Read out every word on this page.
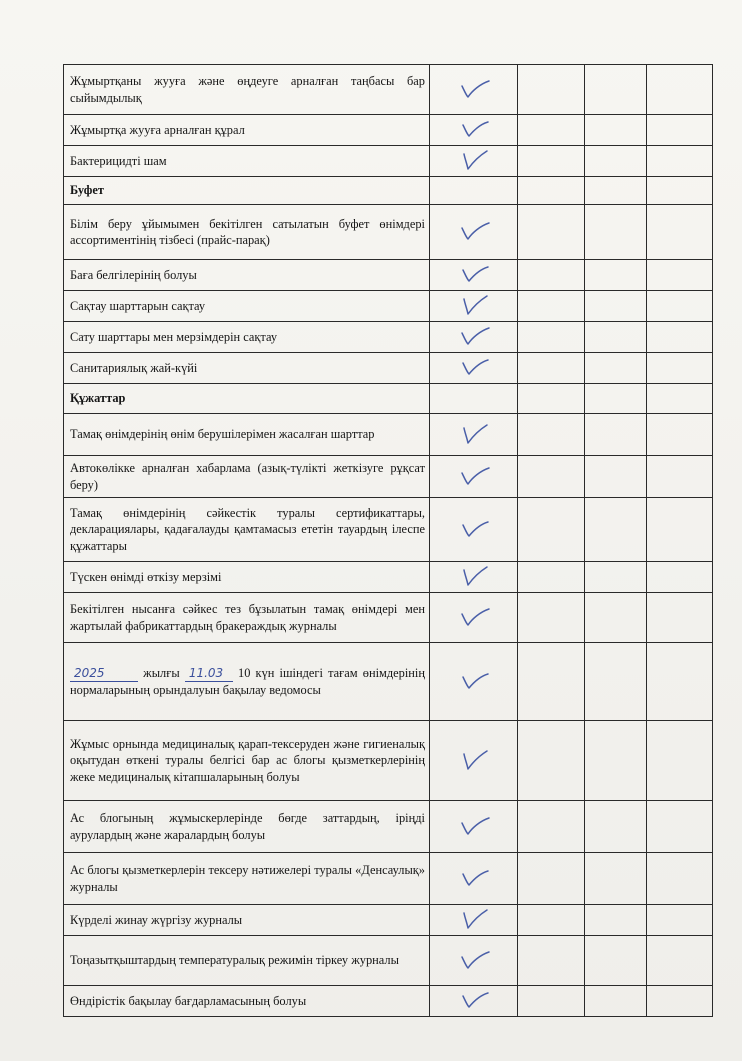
Жұмыртқаны жууға және өңдеуге арналған таңбасы бар сыйымдылық	

Жұмыртқа жууға арналған құрал	

Бактерицидті шам	

Буфет				
Білім беру ұйымымен бекітілген сатылатын буфет өнімдері ассортиментінің тізбесі (прайс-парақ)	

Баға белгілерінің болуы	

Сақтау шарттарын сақтау	

Сату шарттары мен мерзімдерін сақтау	

Санитариялық жай-күйі	

Құжаттар				
Тамақ өнімдерінің өнім берушілерімен жасалған шарттар	

Автокөлікке арналған хабарлама (азық-түлікті жеткізуге рұқсат беру)	

Тамақ өнімдерінің сәйкестік туралы сертификаттары, декларациялары, қадағалауды қамтамасыз ететін тауардың ілеспе құжаттары	

Түскен өнімді өткізу мерзімі	

Бекітілген нысанға сәйкес тез бұзылатын тамақ өнімдері мен жартылай фабрикаттардың бракераждық журналы	

2025 жылғы 11.03 10 күн ішіндегі тағам өнімдерінің нормаларының орындалуын бақылау ведомосы	

Жұмыс орнында медициналық қарап-тексеруден және гигиеналық оқытудан өткені туралы белгісі бар ас блогы қызметкерлерінің жеке медициналық кітапшаларының болуы	

Ас блогының жұмыскерлерінде бөгде заттардың, іріңді аурулардың және жаралардың болуы	

Ас блогы қызметкерлерін тексеру нәтижелері туралы «Денсаулық» журналы	

Күрделі жинау жүргізу журналы	

Тоңазытқыштардың температуралық режимін тіркеу журналы	

Өндірістік бақылау бағдарламасының болуы	
